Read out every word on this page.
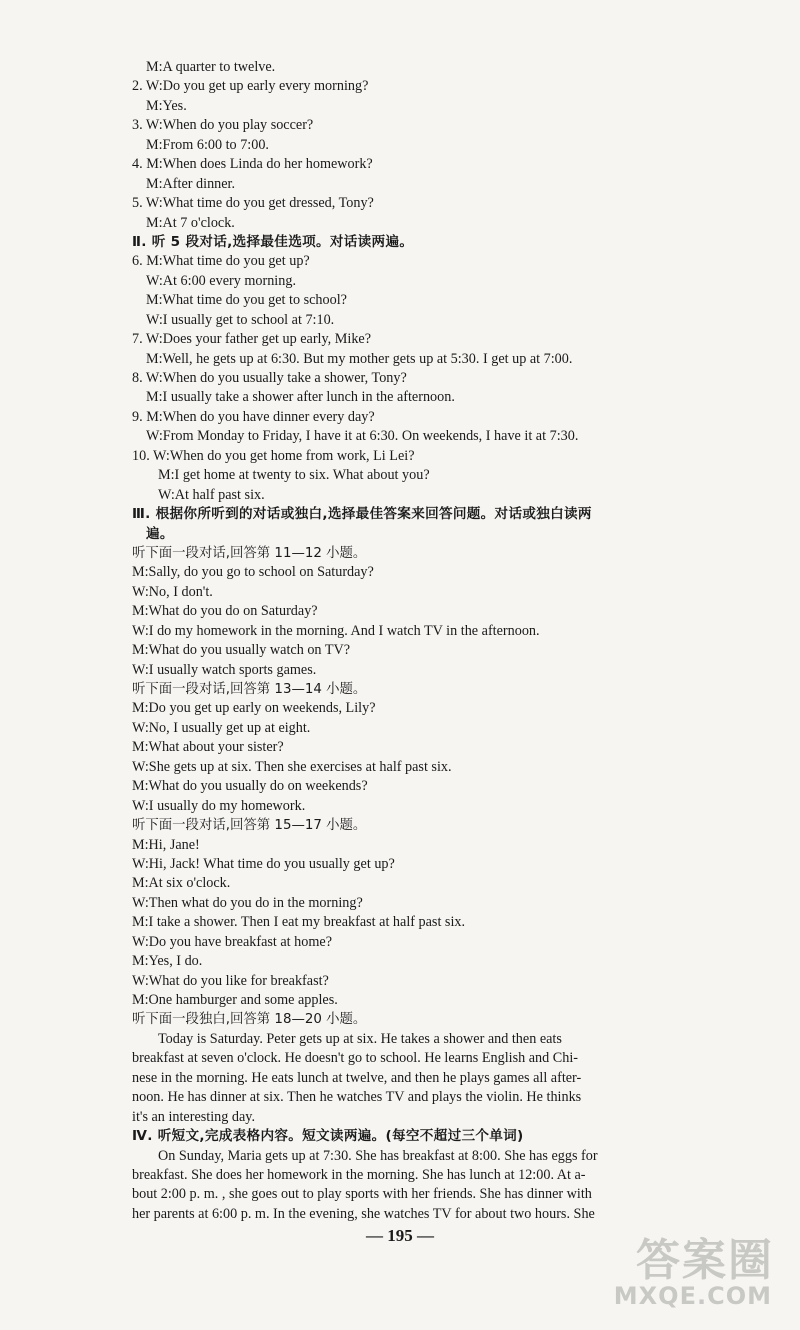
M:A quarter to twelve.
2. W:Do you get up early every morning?
M:Yes.
3. W:When do you play soccer?
M:From 6:00 to 7:00.
4. M:When does Linda do her homework?
M:After dinner.
5. W:What time do you get dressed, Tony?
M:At 7 o'clock.
Ⅱ. 听 5 段对话,选择最佳选项。对话读两遍。
6. M:What time do you get up?
W:At 6:00 every morning.
M:What time do you get to school?
W:I usually get to school at 7:10.
7. W:Does your father get up early, Mike?
M:Well, he gets up at 6:30. But my mother gets up at 5:30. I get up at 7:00.
8. W:When do you usually take a shower, Tony?
M:I usually take a shower after lunch in the afternoon.
9. M:When do you have dinner every day?
W:From Monday to Friday, I have it at 6:30. On weekends, I have it at 7:30.
10. W:When do you get home from work, Li Lei?
M:I get home at twenty to six. What about you?
W:At half past six.
Ⅲ. 根据你所听到的对话或独白,选择最佳答案来回答问题。对话或独白读两
遍。
听下面一段对话,回答第 11—12 小题。
M:Sally, do you go to school on Saturday?
W:No, I don't.
M:What do you do on Saturday?
W:I do my homework in the morning. And I watch TV in the afternoon.
M:What do you usually watch on TV?
W:I usually watch sports games.
听下面一段对话,回答第 13—14 小题。
M:Do you get up early on weekends, Lily?
W:No, I usually get up at eight.
M:What about your sister?
W:She gets up at six. Then she exercises at half past six.
M:What do you usually do on weekends?
W:I usually do my homework.
听下面一段对话,回答第 15—17 小题。
M:Hi, Jane!
W:Hi, Jack! What time do you usually get up?
M:At six o'clock.
W:Then what do you do in the morning?
M:I take a shower. Then I eat my breakfast at half past six.
W:Do you have breakfast at home?
M:Yes, I do.
W:What do you like for breakfast?
M:One hamburger and some apples.
听下面一段独白,回答第 18—20 小题。
Today is Saturday. Peter gets up at six. He takes a shower and then eats
breakfast at seven o'clock. He doesn't go to school. He learns English and Chi-
nese in the morning. He eats lunch at twelve, and then he plays games all after-
noon. He has dinner at six. Then he watches TV and plays the violin. He thinks
it's an interesting day.
Ⅳ. 听短文,完成表格内容。短文读两遍。(每空不超过三个单词)
On Sunday, Maria gets up at 7:30. She has breakfast at 8:00. She has eggs for
breakfast. She does her homework in the morning. She has lunch at 12:00. At a-
bout 2:00 p. m. , she goes out to play sports with her friends. She has dinner with
her parents at 6:00 p. m. In the evening, she watches TV for about two hours. She
— 195 —	答案圈
MXQE.COM
